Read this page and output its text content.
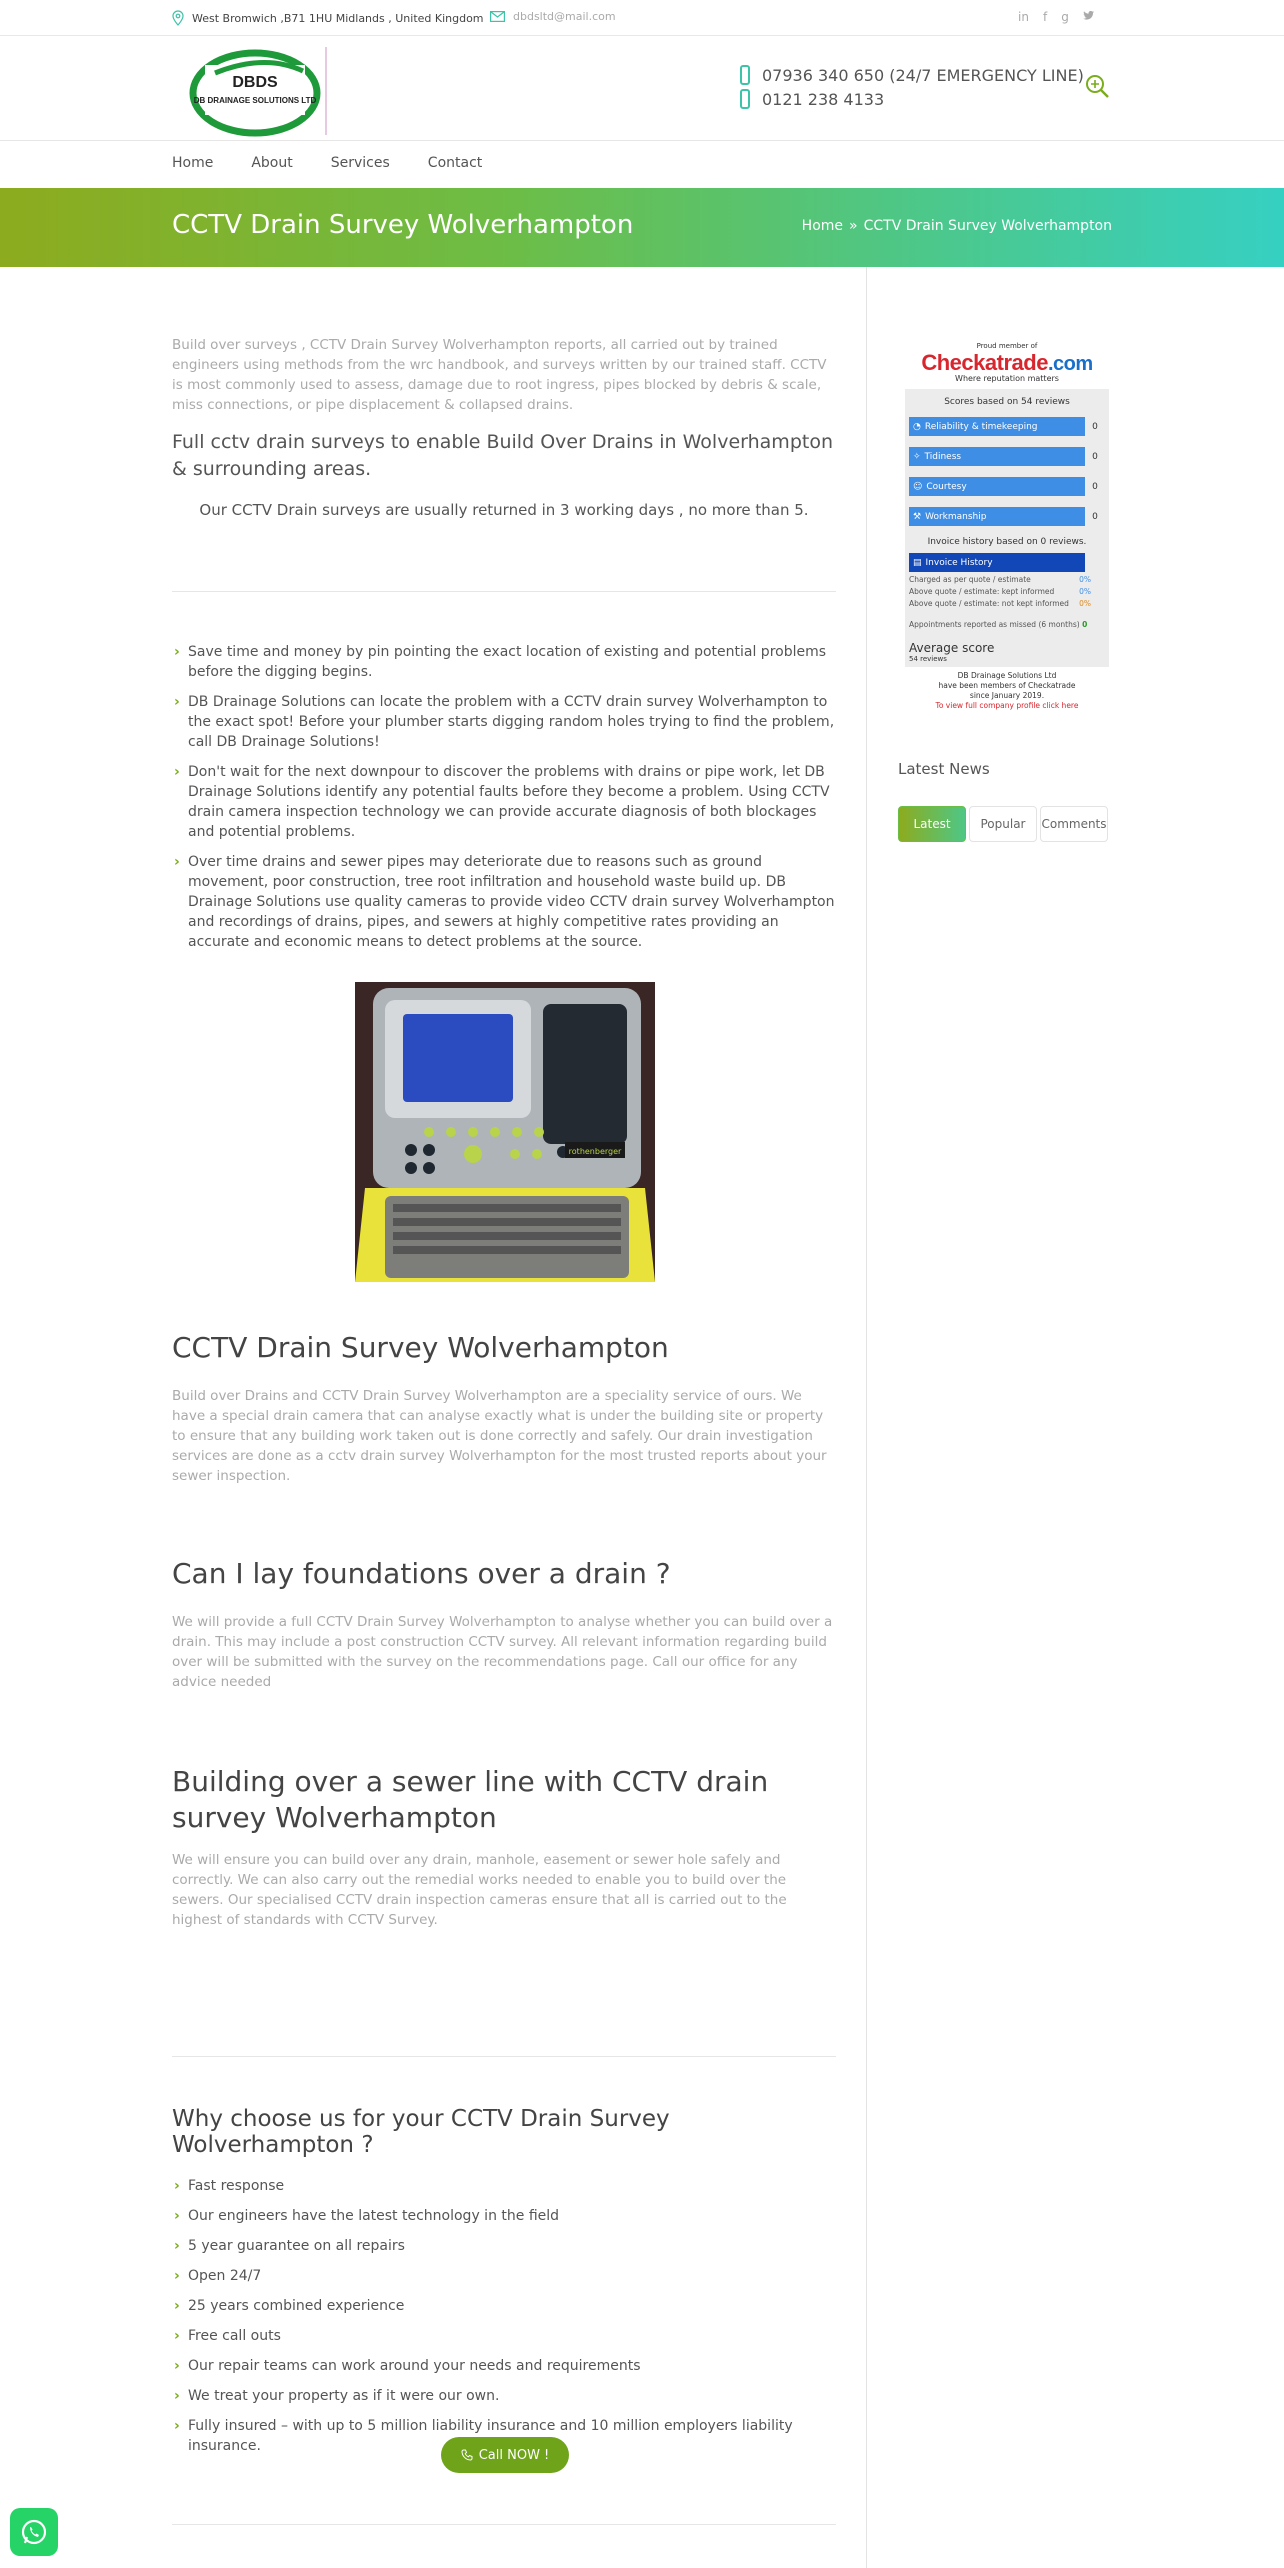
West Bromwich ,B71 1HU Midlands , United Kingdom	dbdsltd@mail.com	in f g
DBDS
DB DRAINAGE SOLUTIONS LTD
07936 340 650 (24/7 EMERGENCY LINE)
0121 238 4133
Home	About	Services	Contact
CCTV Drain Survey Wolverhampton	Home » CCTV Drain Survey Wolverhampton

Build over surveys , CCTV Drain Survey Wolverhampton reports, all carried out by trained engineers using methods from the wrc handbook, and surveys written by our trained staff. CCTV is most commonly used to assess, damage due to root ingress, pipes blocked by debris & scale, miss connections, or pipe displacement & collapsed drains.

Full cctv drain surveys to enable Build Over Drains in Wolverhampton & surrounding areas.

Our CCTV Drain surveys are usually returned in 3 working days , no more than 5.

› Save time and money by pin pointing the exact location of existing and potential problems before the digging begins.
› DB Drainage Solutions can locate the problem with a CCTV drain survey Wolverhampton to the exact spot! Before your plumber starts digging random holes trying to find the problem, call DB Drainage Solutions!
› Don't wait for the next downpour to discover the problems with drains or pipe work, let DB Drainage Solutions identify any potential faults before they become a problem. Using CCTV drain camera inspection technology we can provide accurate diagnosis of both blockages and potential problems.
› Over time drains and sewer pipes may deteriorate due to reasons such as ground movement, poor construction, tree root infiltration and household waste build up. DB Drainage Solutions use quality cameras to provide video CCTV drain survey Wolverhampton and recordings of drains, pipes, and sewers at highly competitive rates providing an accurate and economic means to detect problems at the source.
rothenberger
CCTV Drain Survey Wolverhampton

Build over Drains and CCTV Drain Survey Wolverhampton are a speciality service of ours. We have a special drain camera that can analyse exactly what is under the building site or property to ensure that any building work taken out is done correctly and safely. Our drain investigation services are done as a cctv drain survey Wolverhampton for the most trusted reports about your sewer inspection.

Can I lay foundations over a drain ?

We will provide a full CCTV Drain Survey Wolverhampton to analyse whether you can build over a drain. This may include a post construction CCTV survey. All relevant information regarding build over will be submitted with the survey on the recommendations page. Call our office for any advice needed

Building over a sewer line with CCTV drain survey Wolverhampton

We will ensure you can build over any drain, manhole, easement or sewer hole safely and correctly. We can also carry out the remedial works needed to enable you to build over the sewers. Our specialised CCTV drain inspection cameras ensure that all is carried out to the highest of standards with CCTV Survey.

Why choose us for your CCTV Drain Survey Wolverhampton ?
› Fast response
› Our engineers have the latest technology in the field
› 5 year guarantee on all repairs
› Open 24/7
› 25 years combined experience
› Free call outs
› Our repair teams can work around your needs and requirements
› We treat your property as if it were our own.
› Fully insured – with up to 5 million liability insurance and 10 million employers liability insurance.
Call NOW !
Proud member of
Checkatrade.com
Where reputation matters
Scores based on 54 reviews
◔ Reliability & timekeeping	0
✧ Tidiness	0
☺ Courtesy	0
⚒ Workmanship	0
Invoice history based on 0 reviews.
▤ Invoice History
Charged as per quote / estimate	0%
Above quote / estimate: kept informed	0%
Above quote / estimate: not kept informed 0%
Appointments reported as missed (6 months) 0
Average score
54 reviews
DB Drainage Solutions Ltd
have been members of Checkatrade
since January 2019.
To view full company profile click here
Latest News
Latest	Popular	Comments
